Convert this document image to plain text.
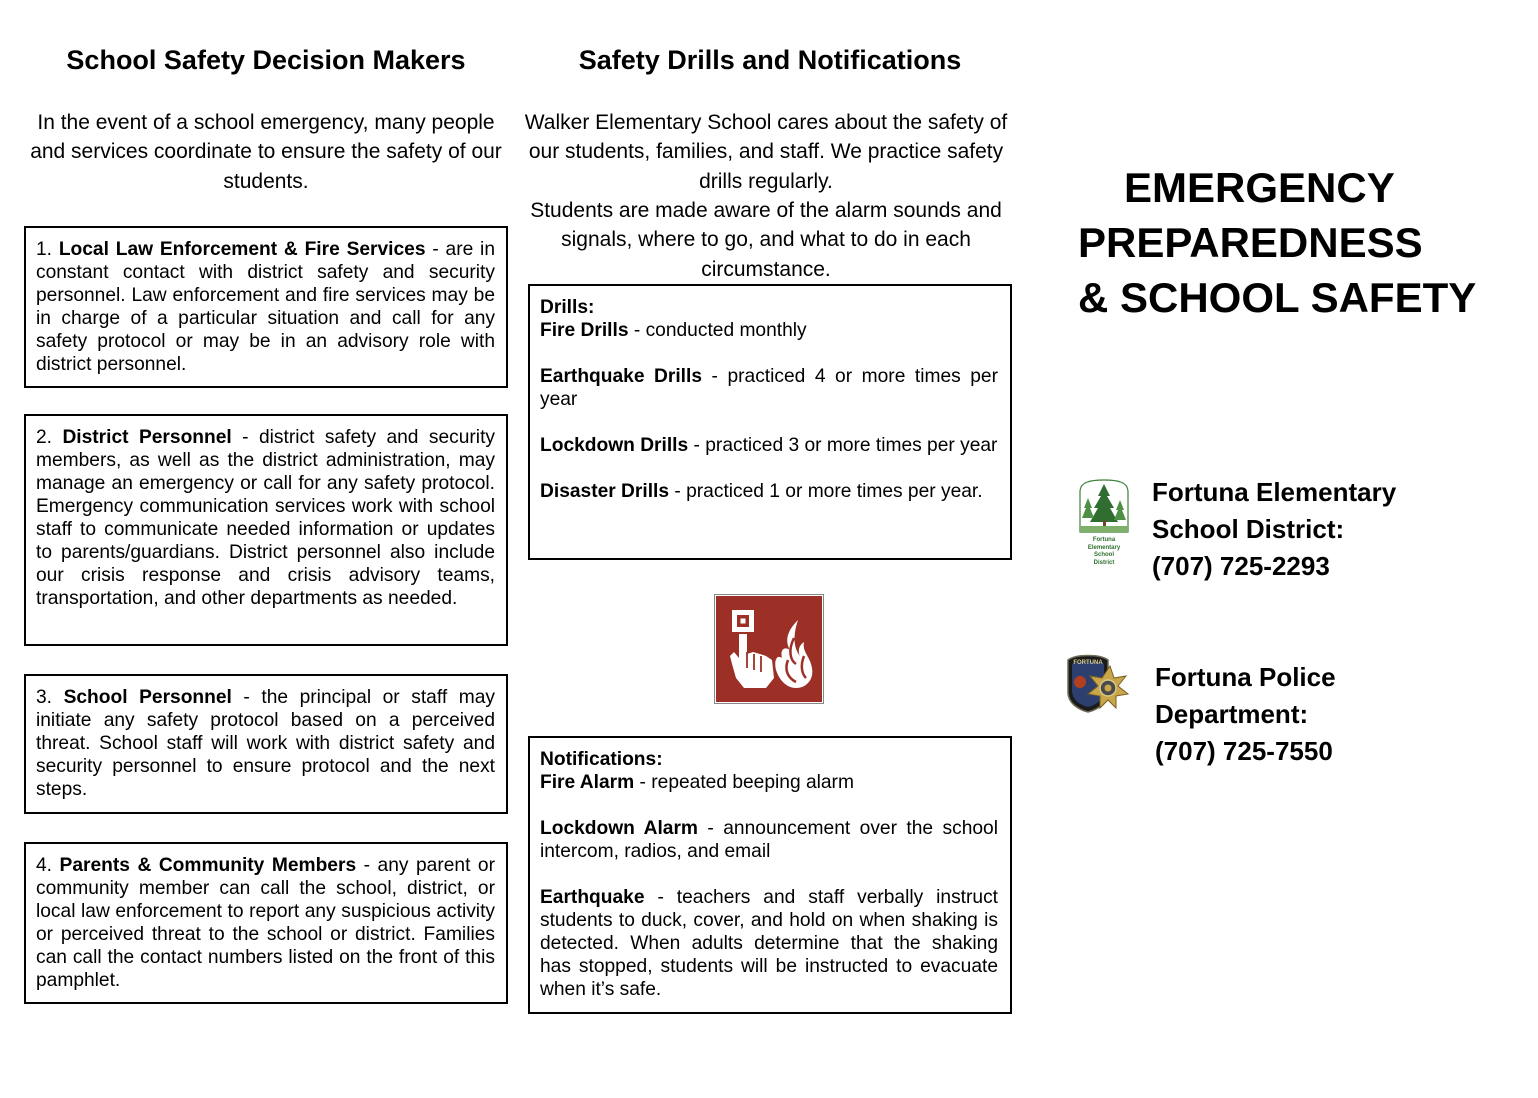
School Safety Decision Makers

In the event of a school emergency, many people and services coordinate to ensure the safety of our students.

1. Local Law Enforcement & Fire Services - are in constant contact with district safety and security personnel. Law enforcement and fire services may be in charge of a particular situation and call for any safety protocol or may be in an advisory role with district personnel.

2. District Personnel - district safety and security members, as well as the district administration, may manage an emergency or call for any safety protocol. Emergency communication services work with school staff to communicate needed information or updates to parents/guardians. District personnel also include our crisis response and crisis advisory teams, transportation, and other departments as needed.

3. School Personnel - the principal or staff may initiate any safety protocol based on a perceived threat. School staff will work with district safety and security personnel to ensure protocol and the next steps.

4. Parents & Community Members - any parent or community member can call the school, district, or local law enforcement to report any suspicious activity or perceived threat to the school or district. Families can call the contact numbers listed on the front of this pamphlet.

Safety Drills and Notifications

Walker Elementary School cares about the safety of our students, families, and staff. We practice safety drills regularly.

Students are made aware of the alarm sounds and signals, where to go, and what to do in each circumstance.

Drills:

Fire Drills - conducted monthly

Earthquake Drills - practiced 4 or more times per year

Lockdown Drills - practiced 3 or more times per year

Disaster Drills - practiced 1 or more times per year.

Notifications:

Fire Alarm - repeated beeping alarm

Lockdown Alarm - announcement over the school intercom, radios, and email

Earthquake - teachers and staff verbally instruct students to duck, cover, and hold on when shaking is detected. When adults determine that the shaking has stopped, students will be instructed to evacuate when it’s safe.

EMERGENCY
PREPAREDNESS
& SCHOOL SAFETY
Fortuna
Elementary
School
District
Fortuna Elementary
School District:
(707) 725-2293
FORTUNA Fortuna Police
Department:
(707) 725-7550
